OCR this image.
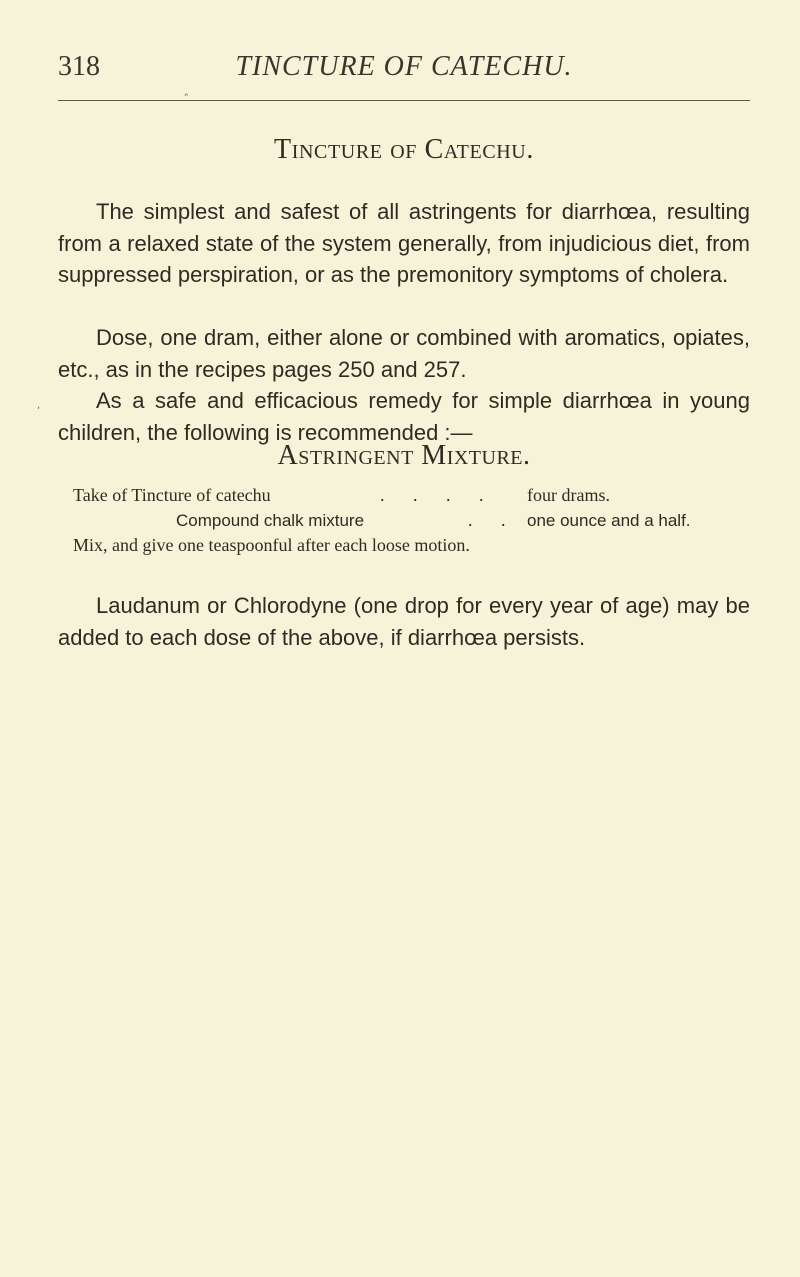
318	TINCTURE OF CATECHU.
‸
,
Tincture of Catechu.

The simplest and safest of all astringents for diarrhœa, resulting from a relaxed state of the system generally, from injudicious diet, from suppressed perspiration, or as the premonitory symptoms of cholera.

Dose, one dram, either alone or combined with aromatics, opiates, etc., as in the recipes pages 250 and 257.

As a safe and efficacious remedy for simple diarrhœa in young children, the following is recommended :—

Astringent Mixture.
Take of Tincture of catechu	. . . . four drams.
Compound chalk mixture	. . one ounce and a half.
Mix, and give one teaspoonful after each loose motion.

Laudanum or Chlorodyne (one drop for every year of age) may be added to each dose of the above, if diarrhœa persists.
